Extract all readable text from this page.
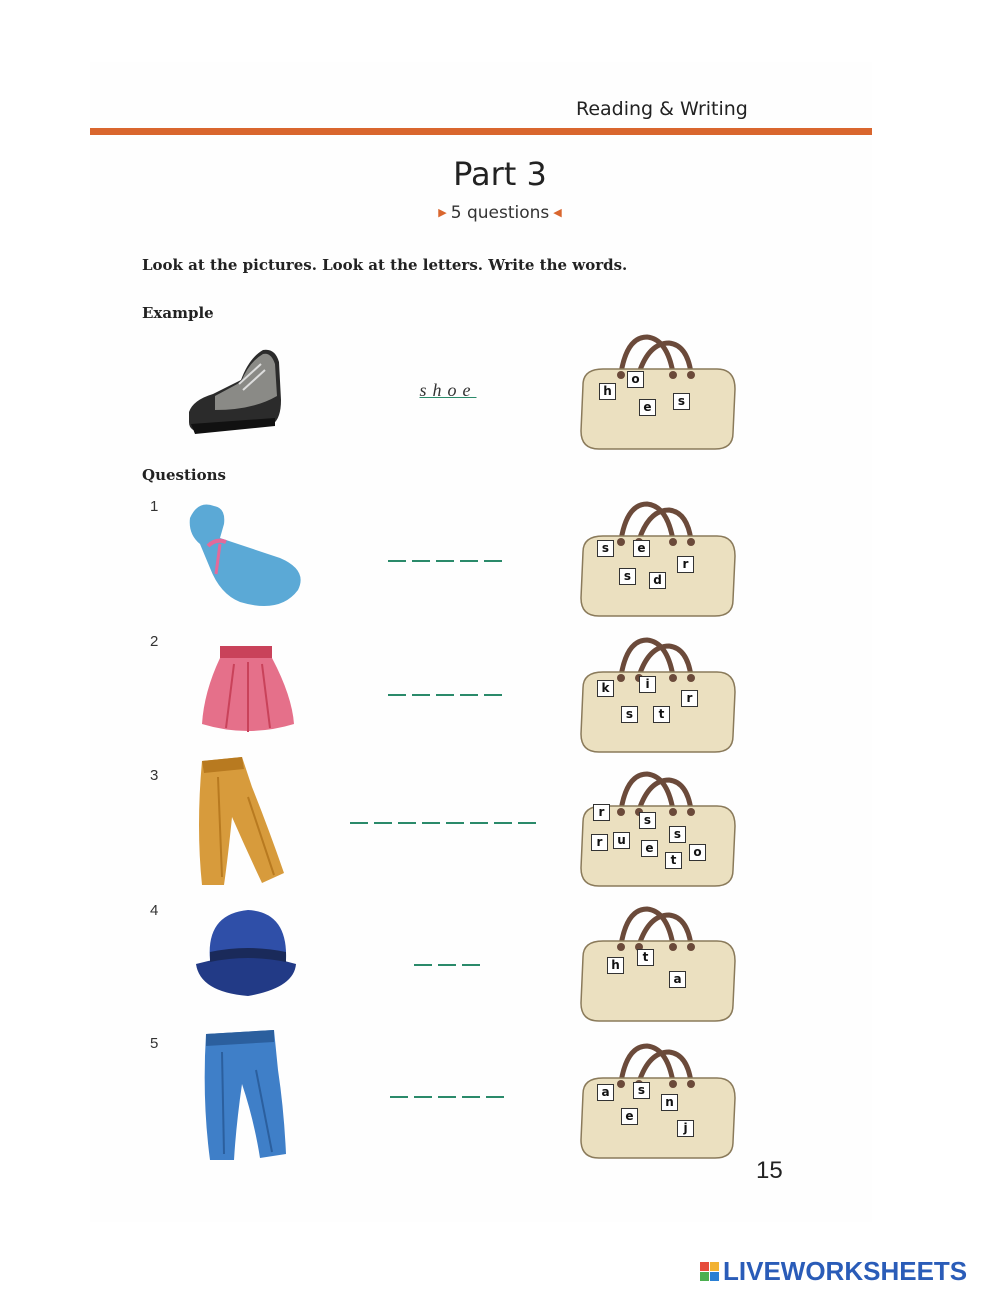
Reading & Writing
Part 3
▶ 5 questions ◀
Look at the pictures. Look at the letters. Write the words.
Example
shoe	h
o
e	s
Questions
1
s	e
s	d
r
2
k	i
s	t
r
3
r
s
s
r	u
e
t
o
4
h
t
a
5
a	s
n
e
j
15
LIVEWORKSHEETS
